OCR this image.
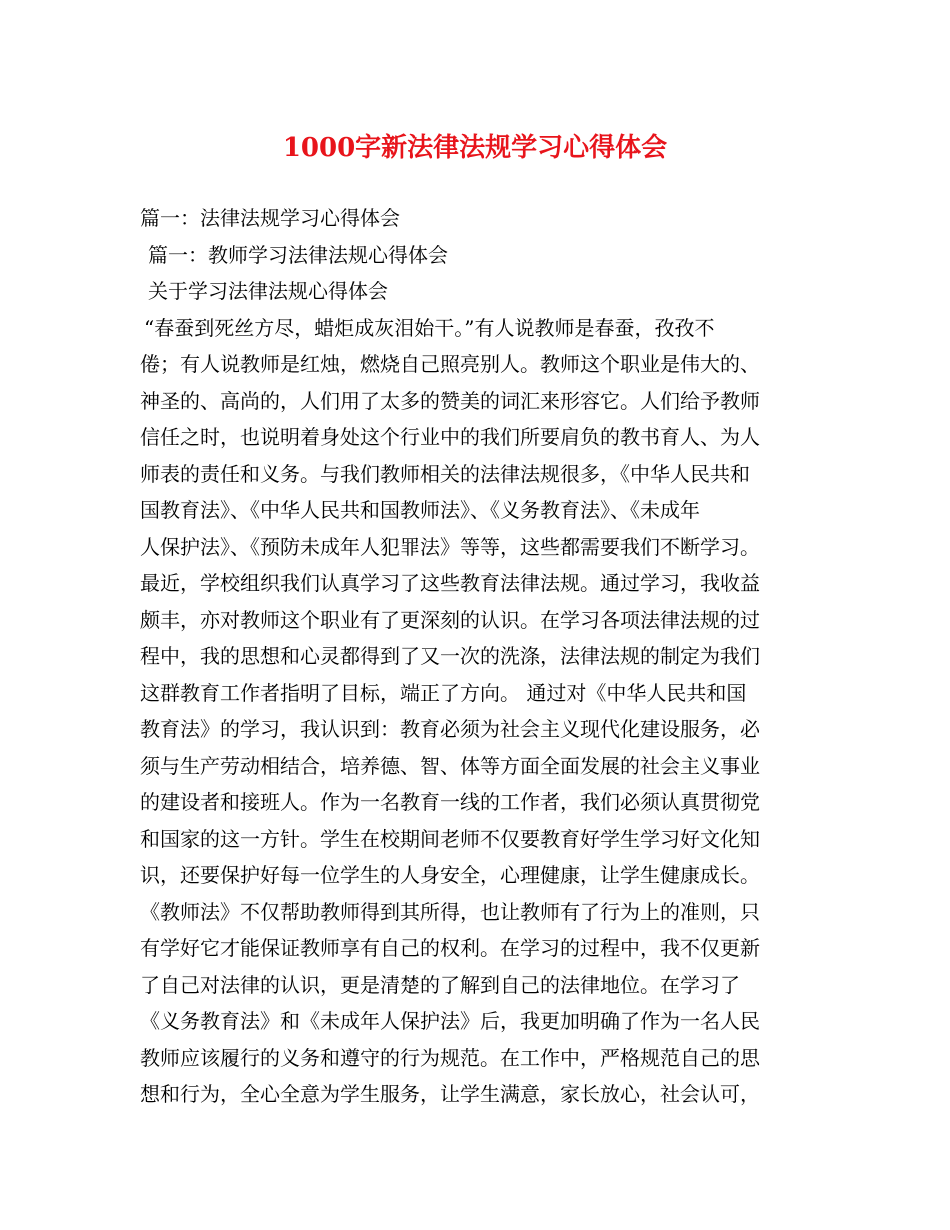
1000字新法律法规学习心得体会

篇一：法律法规学习心得体会

篇一：教师学习法律法规心得体会

关于学习法律法规心得体会

“春蚕到死丝方尽，蜡炬成灰泪始干。”有人说教师是春蚕，孜孜不

倦；有人说教师是红烛，燃烧自己照亮别人。教师这个职业是伟大的、

神圣的、高尚的，人们用了太多的赞美的词汇来形容它。人们给予教师

信任之时，也说明着身处这个行业中的我们所要肩负的教书育人、为人

师表的责任和义务。与我们教师相关的法律法规很多，《中华人民共和

国教育法》、《中华人民共和国教师法》、《义务教育法》、《未成年

人保护法》、《预防未成年人犯罪法》等等，这些都需要我们不断学习。

最近，学校组织我们认真学习了这些教育法律法规。通过学习，我收益

颇丰，亦对教师这个职业有了更深刻的认识。在学习各项法律法规的过

程中，我的思想和心灵都得到了又一次的洗涤，法律法规的制定为我们

这群教育工作者指明了目标，端正了方向。 通过对《中华人民共和国

教育法》的学习，我认识到：教育必须为社会主义现代化建设服务，必

须与生产劳动相结合，培养德、智、体等方面全面发展的社会主义事业

的建设者和接班人。作为一名教育一线的工作者，我们必须认真贯彻党

和国家的这一方针。学生在校期间老师不仅要教育好学生学习好文化知

识，还要保护好每一位学生的人身安全，心理健康，让学生健康成长。

《教师法》不仅帮助教师得到其所得，也让教师有了行为上的准则，只

有学好它才能保证教师享有自己的权利。在学习的过程中，我不仅更新

了自己对法律的认识，更是清楚的了解到自己的法律地位。在学习了

《义务教育法》和《未成年人保护法》后，我更加明确了作为一名人民

教师应该履行的义务和遵守的行为规范。在工作中，严格规范自己的思

想和行为，全心全意为学生服务，让学生满意，家长放心，社会认可，
